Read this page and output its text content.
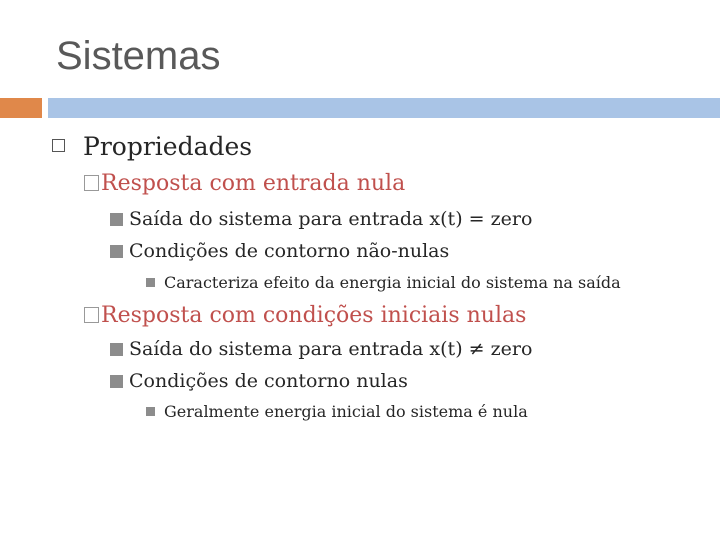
Sistemas
Propriedades
Resposta com entrada nula
Saída do sistema para entrada x(t) = zero
Condições de contorno não-nulas
Caracteriza efeito da energia inicial do sistema na saída
Resposta com condições iniciais nulas
Saída do sistema para entrada x(t) ≠ zero
Condições de contorno nulas
Geralmente energia inicial do sistema é nula
